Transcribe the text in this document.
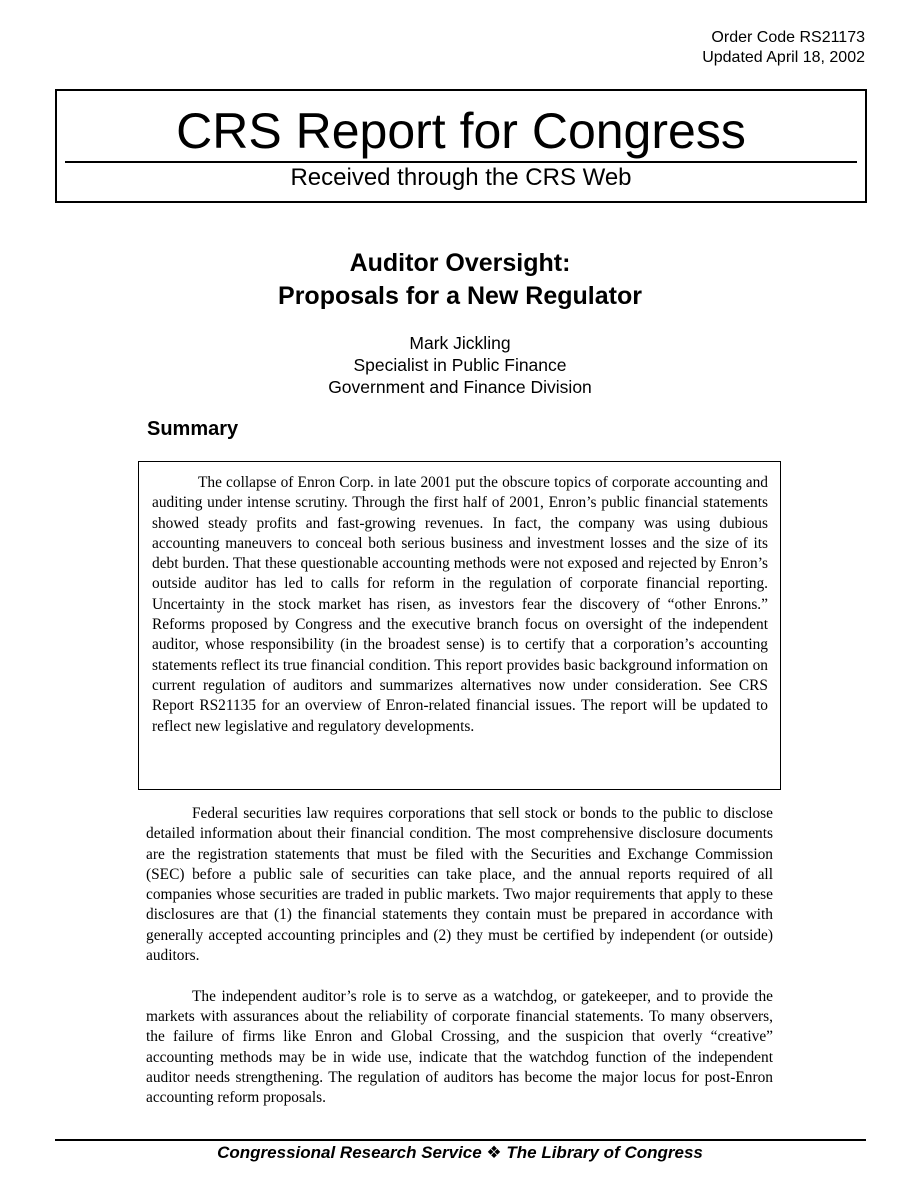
Order Code RS21173
Updated April 18, 2002
CRS Report for Congress
Received through the CRS Web
Auditor Oversight:
Proposals for a New Regulator
Mark Jickling
Specialist in Public Finance
Government and Finance Division
Summary

The collapse of Enron Corp. in late 2001 put the obscure topics of corporate accounting and auditing under intense scrutiny. Through the first half of 2001, Enron’s public financial statements showed steady profits and fast-growing revenues. In fact, the company was using dubious accounting maneuvers to conceal both serious business and investment losses and the size of its debt burden. That these questionable accounting methods were not exposed and rejected by Enron’s outside auditor has led to calls for reform in the regulation of corporate financial reporting. Uncertainty in the stock market has risen, as investors fear the discovery of “other Enrons.” Reforms proposed by Congress and the executive branch focus on oversight of the independent auditor, whose responsibility (in the broadest sense) is to certify that a corporation’s accounting statements reflect its true financial condition. This report provides basic background information on current regulation of auditors and summarizes alternatives now under consideration. See CRS Report RS21135 for an overview of Enron-related financial issues. The report will be updated to reflect new legislative and regulatory developments.

Federal securities law requires corporations that sell stock or bonds to the public to disclose detailed information about their financial condition. The most comprehensive disclosure documents are the registration statements that must be filed with the Securities and Exchange Commission (SEC) before a public sale of securities can take place, and the annual reports required of all companies whose securities are traded in public markets. Two major requirements that apply to these disclosures are that (1) the financial statements they contain must be prepared in accordance with generally accepted accounting principles and (2) they must be certified by independent (or outside) auditors.

The independent auditor’s role is to serve as a watchdog, or gatekeeper, and to provide the markets with assurances about the reliability of corporate financial statements. To many observers, the failure of firms like Enron and Global Crossing, and the suspicion that overly “creative” accounting methods may be in wide use, indicate that the watchdog function of the independent auditor needs strengthening. The regulation of auditors has become the major locus for post-Enron accounting reform proposals.

Congressional Research Service ❖ The Library of Congress
